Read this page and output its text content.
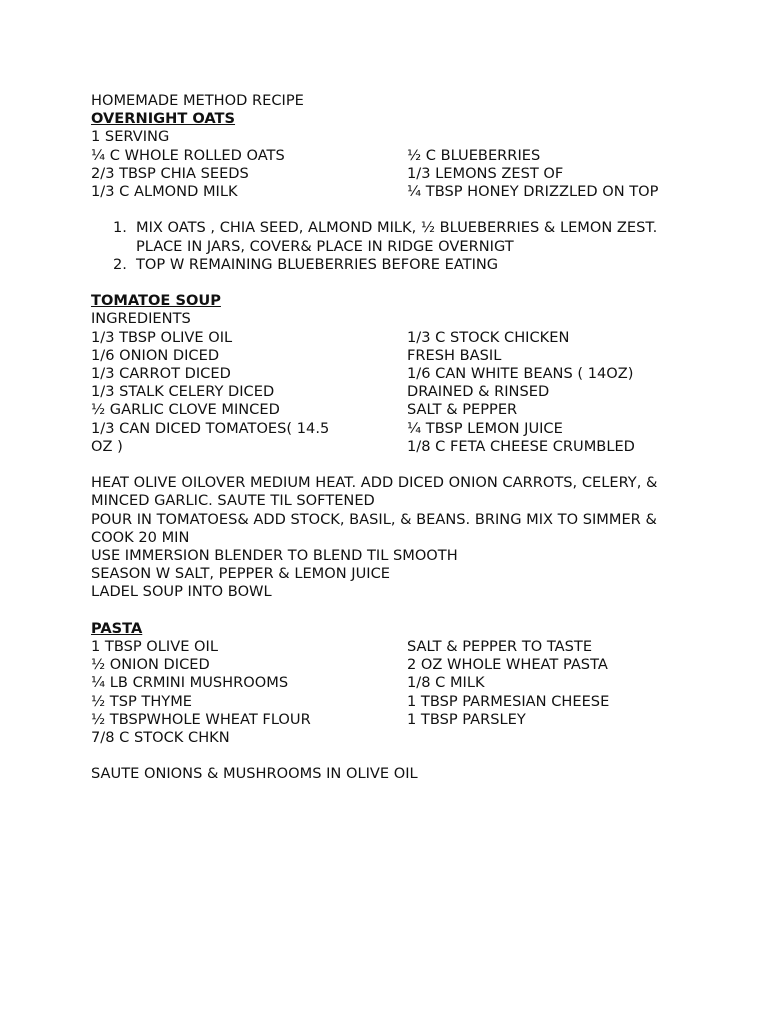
HOMEMADE METHOD RECIPE
OVERNIGHT OATS
1 SERVING
¼ C WHOLE ROLLED OATS
2/3 TBSP CHIA SEEDS
1/3 C ALMOND MILK
½ C BLUEBERRIES
1/3 LEMONS ZEST OF
¼ TBSP HONEY DRIZZLED ON TOP
1. MIX OATS , CHIA SEED, ALMOND MILK, ½ BLUEBERRIES & LEMON ZEST.
PLACE IN JARS, COVER& PLACE IN RIDGE OVERNIGT
2. TOP W REMAINING BLUEBERRIES BEFORE EATING
TOMATOE SOUP
INGREDIENTS
1/3 TBSP OLIVE OIL
1/6 ONION DICED
1/3 CARROT DICED
1/3 STALK CELERY DICED
½ GARLIC CLOVE MINCED
1/3 CAN DICED TOMATOES( 14.5
OZ )
1/3 C STOCK CHICKEN
FRESH BASIL
1/6 CAN WHITE BEANS ( 14OZ)
DRAINED & RINSED
SALT & PEPPER
¼ TBSP LEMON JUICE
1/8 C FETA CHEESE CRUMBLED
HEAT OLIVE OILOVER MEDIUM HEAT. ADD DICED ONION CARROTS, CELERY, &
MINCED GARLIC. SAUTE TIL SOFTENED
POUR IN TOMATOES& ADD STOCK, BASIL, & BEANS. BRING MIX TO SIMMER &
COOK 20 MIN
USE IMMERSION BLENDER TO BLEND TIL SMOOTH
SEASON W SALT, PEPPER & LEMON JUICE
LADEL SOUP INTO BOWL
PASTA
1 TBSP OLIVE OIL
½ ONION DICED
¼ LB CRMINI MUSHROOMS
½ TSP THYME
½ TBSPWHOLE WHEAT FLOUR
7/8 C STOCK CHKN
SALT & PEPPER TO TASTE
2 OZ WHOLE WHEAT PASTA
1/8 C MILK
1 TBSP PARMESIAN CHEESE
1 TBSP PARSLEY
SAUTE ONIONS & MUSHROOMS IN OLIVE OIL
